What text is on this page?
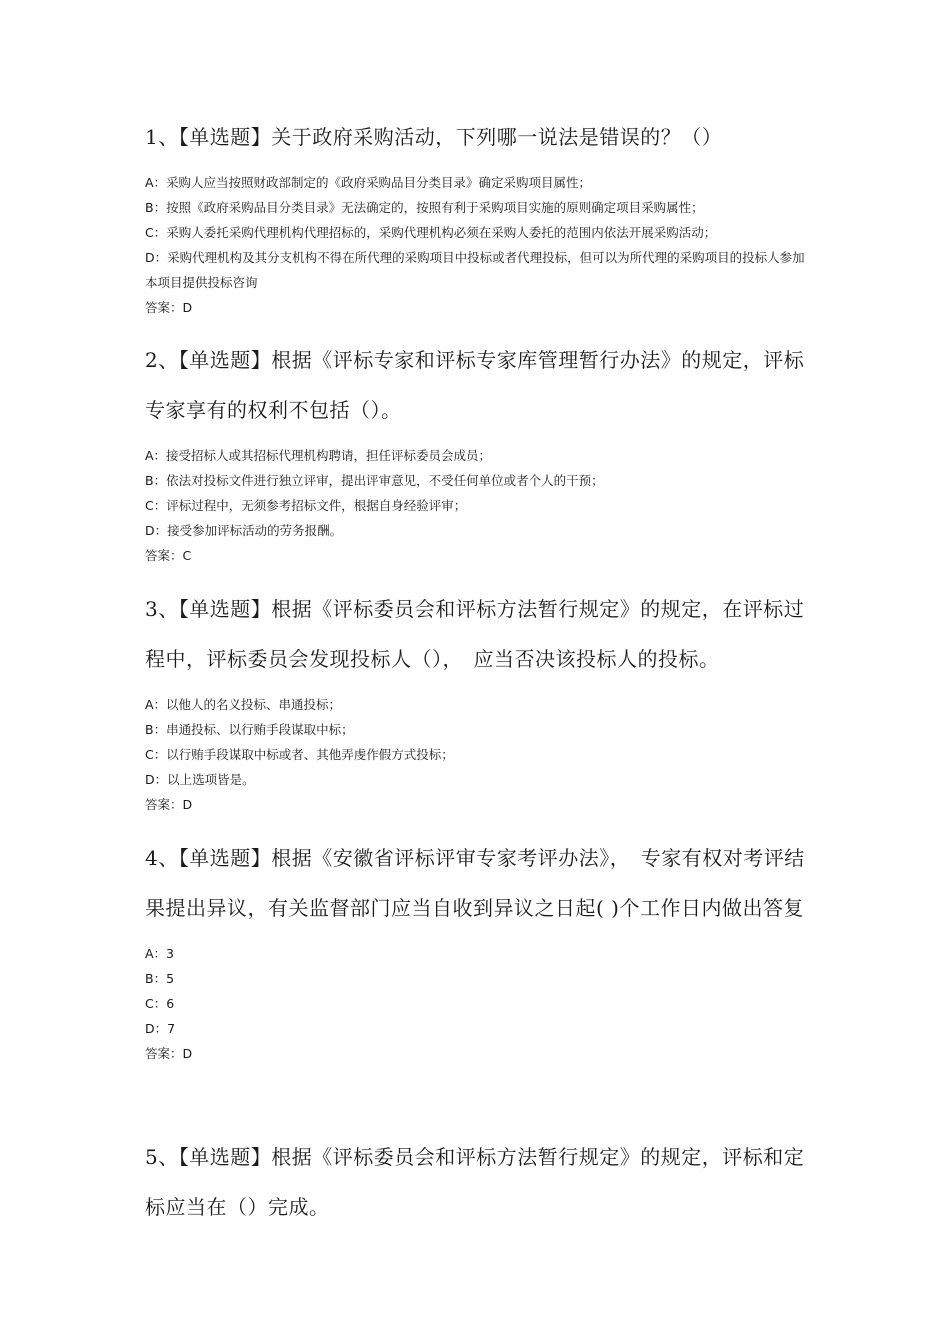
1、【单选题】关于政府采购活动，下列哪一说法是错误的？（）

A：采购人应当按照财政部制定的《政府采购品目分类目录》确定采购项目属性；

B：按照《政府采购品目分类目录》无法确定的，按照有利于采购项目实施的原则确定项目采购属性；

C：采购人委托采购代理机构代理招标的，采购代理机构必须在采购人委托的范围内依法开展采购活动；

D：采购代理机构及其分支机构不得在所代理的采购项目中投标或者代理投标，但可以为所代理的采购项目的投标人参加本项目提供投标咨询

答案：D

2、【单选题】根据《评标专家和评标专家库管理暂行办法》的规定，评标专家享有的权利不包括（）。

A：接受招标人或其招标代理机构聘请，担任评标委员会成员；

B：依法对投标文件进行独立评审，提出评审意见，不受任何单位或者个人的干预；

C：评标过程中，无须参考招标文件，根据自身经验评审；

D：接受参加评标活动的劳务报酬。

答案：C

3、【单选题】根据《评标委员会和评标方法暂行规定》的规定，在评标过程中，评标委员会发现投标人（），　应当否决该投标人的投标。

A：以他人的名义投标、串通投标；

B：串通投标、以行贿手段谋取中标；

C：以行贿手段谋取中标或者、其他弄虔作假方式投标；

D：以上选项皆是。

答案：D

4、【单选题】根据《安徽省评标评审专家考评办法》，　专家有权对考评结果提出异议，有关监督部门应当自收到异议之日起( )个工作日内做出答复

A：3

B：5

C：6

D：7

答案：D

5、【单选题】根据《评标委员会和评标方法暂行规定》的规定，评标和定标应当在（）完成。
